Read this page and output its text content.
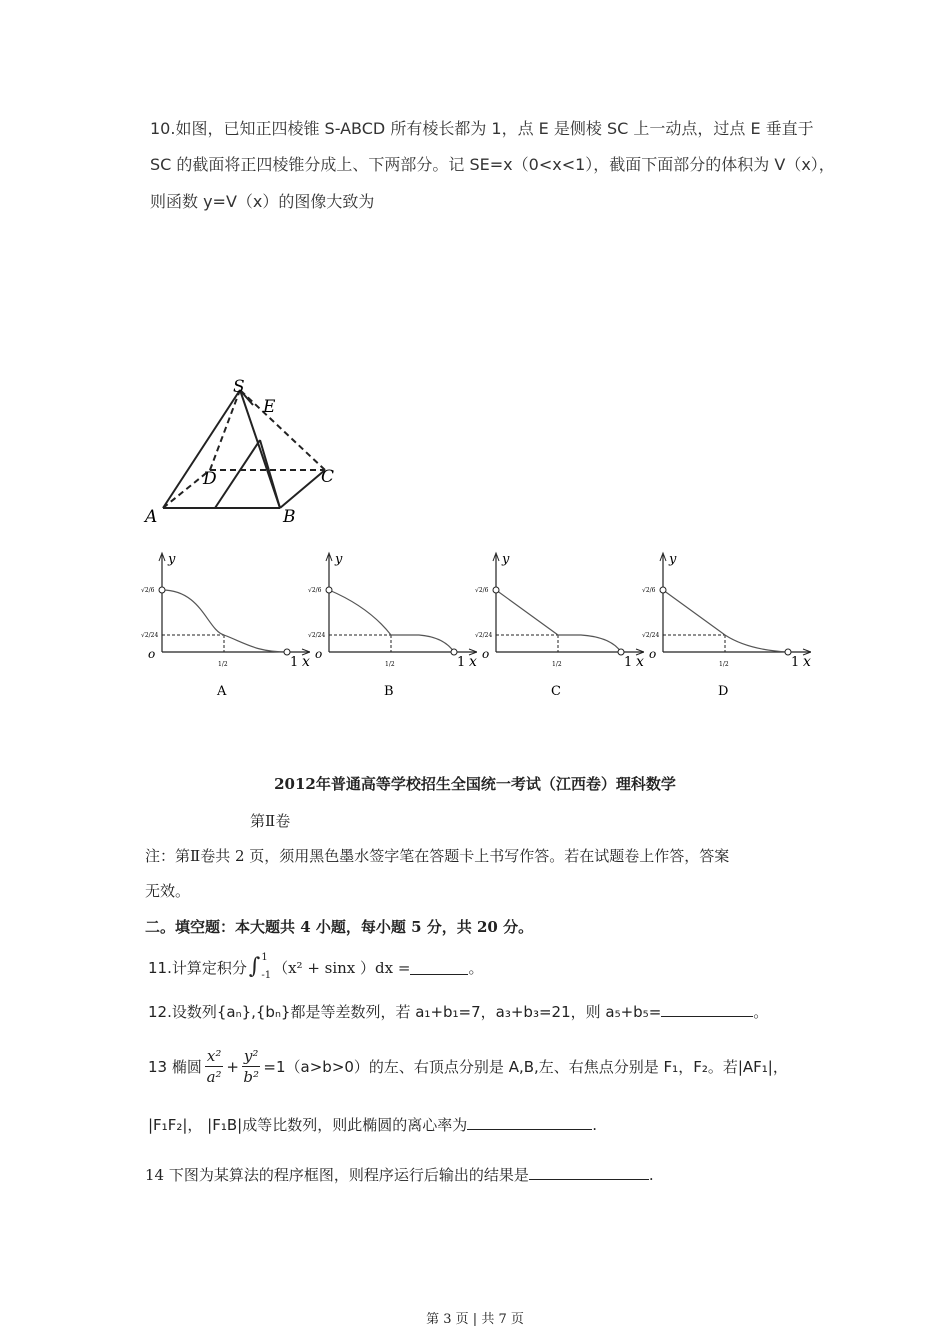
10.如图，已知正四棱锥 S-ABCD 所有棱长都为 1，点 E 是侧棱 SC 上一动点，过点 E 垂直于
SC 的截面将正四棱锥分成上、下两部分。记 SE=x（0<x<1），截面下面部分的体积为 V（x），
则函数 y=V（x）的图像大致为
S
E
A	B
C
D
y
x
o
1
1/2
√2/6
√2/24
A
y
x
o
1
1/2
√2/6
√2/24
B
y
x
o
1
1/2
√2/6
√2/24
C
y
x
o
1
1/2
√2/6
√2/24
D
2012年普通高等学校招生全国统一考试（江西卷）理科数学
第Ⅱ卷
注：第Ⅱ卷共 2 页，须用黑色墨水签字笔在答题卡上书写作答。若在试题卷上作答，答案
无效。
二。填空题：本大题共 4 小题，每小题 5 分，共 20 分。
11.计算定积分 ∫ 1
-1 （x² + sinx ）dx =	。
12.设数列{aₙ},{bₙ}都是等差数列，若 a₁+b₁=7，a₃+b₃=21，则 a₅+b₅=	。
13 椭圆 $\frac{\text{x²}}{\text{a²}} + \frac{\text{y²}}{\text{b²}} =1(a>b>0)$的左、右顶点分别是 A,B,左、右焦点分别是 F₁，F₂。若|AF₁|，
|F₁F₂|， |F₁B|成等比数列，则此椭圆的离心率为	.
14 下图为某算法的程序框图，则程序运行后输出的结果是	.
第 3 页 | 共 7 页
